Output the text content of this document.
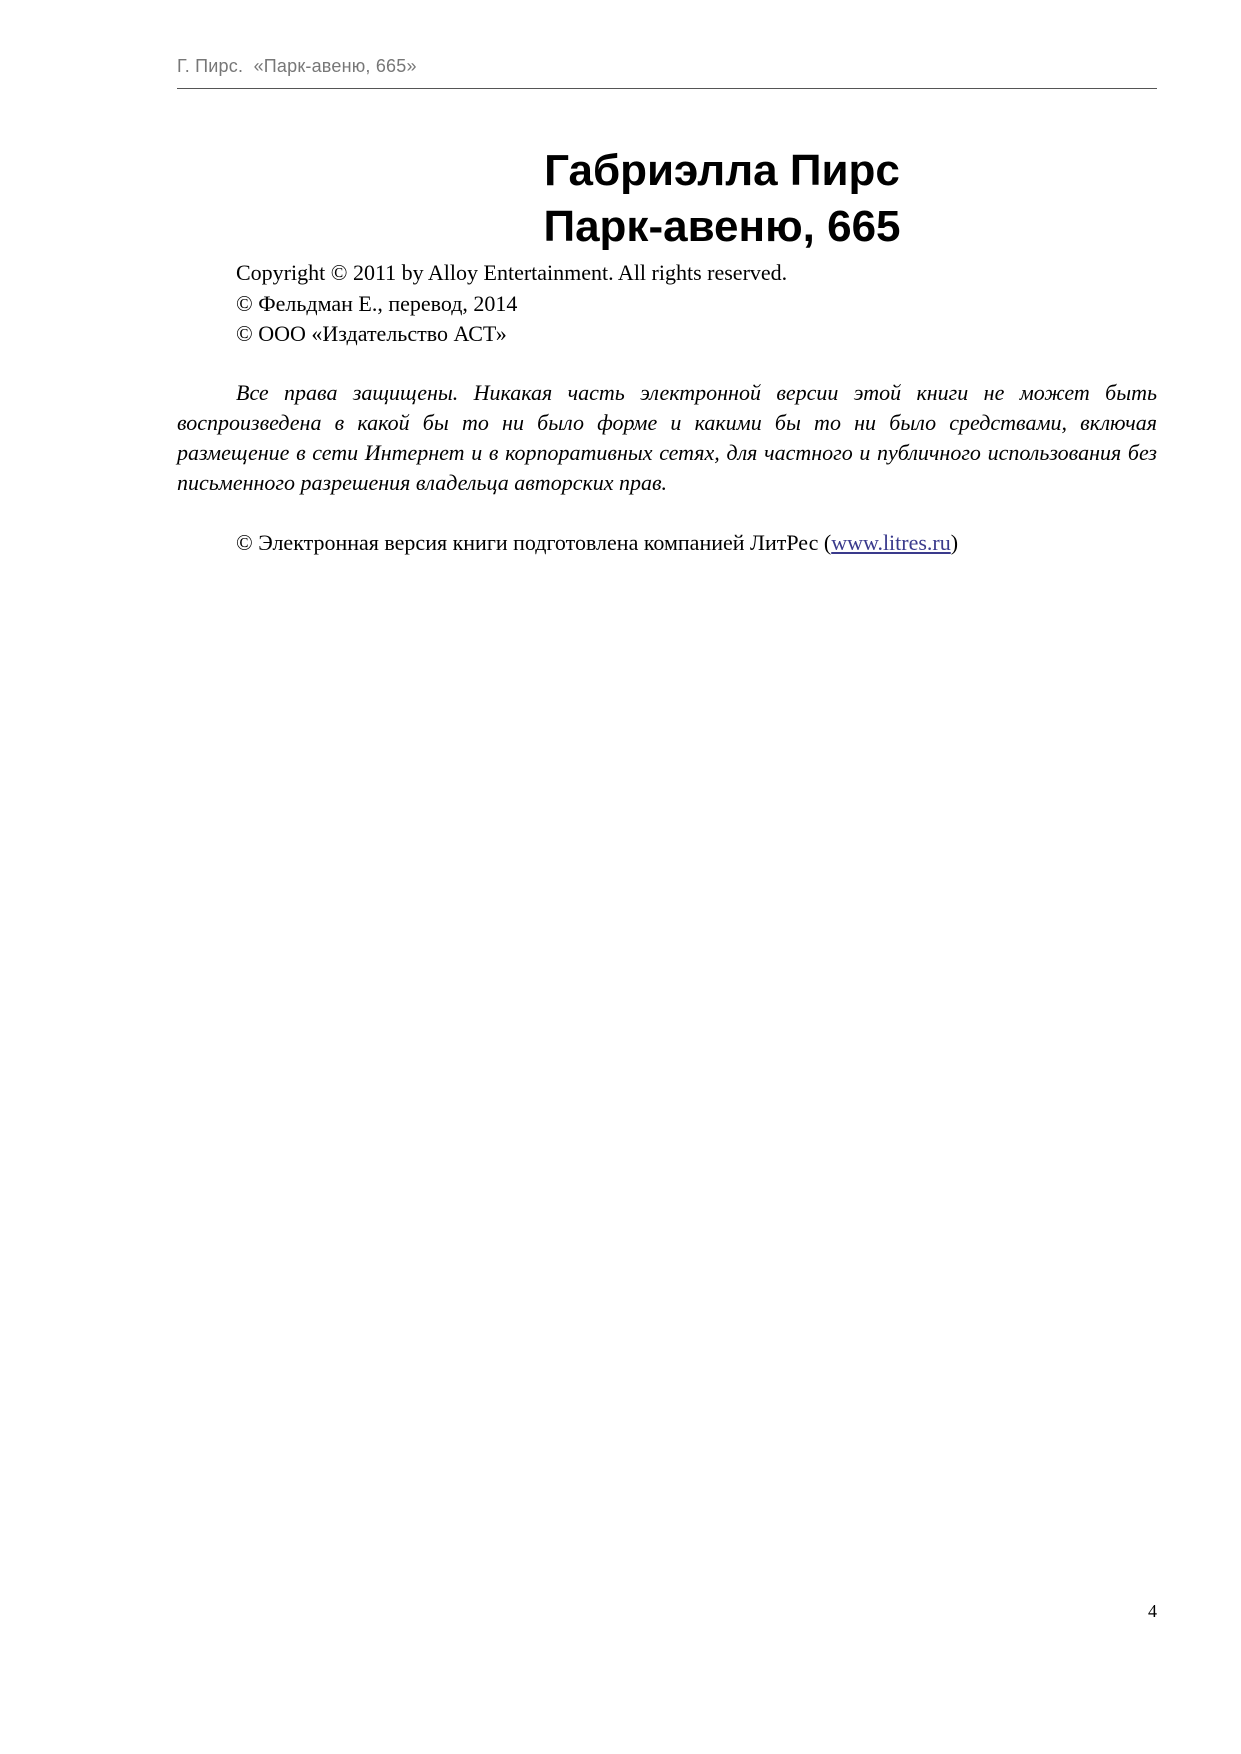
Г. Пирс. «Парк-авеню, 665»
Габриэлла Пирс
Парк-авеню, 665
Copyright © 2011 by Alloy Entertainment. All rights reserved.
© Фельдман Е., перевод, 2014
© ООО «Издательство АСТ»

Все права защищены. Никакая часть электронной версии этой книги не может быть воспроизведена в какой бы то ни было форме и какими бы то ни было средствами, включая размещение в сети Интернет и в корпоративных сетях, для частного и публичного использования без письменного разрешения владельца авторских прав.

© Электронная версия книги подготовлена компанией ЛитРес (www.litres.ru)
4
